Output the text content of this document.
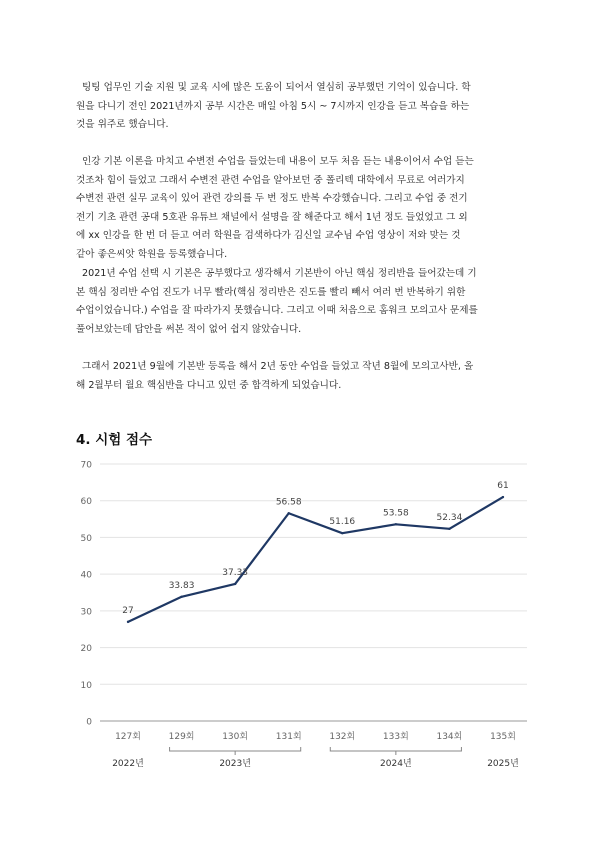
팅팅 업무인 기술 지원 및 교육 시에 많은 도움이 되어서 열심히 공부했던 기억이 있습니다. 학
원을 다니기 전인 2021년까지 공부 시간은 매일 아침 5시 ~ 7시까지 인강을 듣고 복습을 하는
것을 위주로 했습니다.
인강 기본 이론을 마치고 수변전 수업을 들었는데 내용이 모두 처음 듣는 내용이어서 수업 듣는
것조차 힘이 들었고 그래서 수변전 관련 수업을 알아보던 중 폴리텍 대학에서 무료로 여러가지
수변전 관련 실무 교육이 있어 관련 강의를 두 번 정도 반복 수강했습니다. 그리고 수업 중 전기
전기 기초 관련 공대 5호관 유튜브 채널에서 설명을 잘 해준다고 해서 1년 정도 들었었고 그 외
에 xx 인강을 한 번 더 듣고 여러 학원을 검색하다가 김신일 교수님 수업 영상이 저와 맞는 것
같아 좋은씨앗 학원을 등록했습니다.
2021년 수업 선택 시 기본은 공부했다고 생각해서 기본반이 아닌 핵심 정리반을 들어갔는데 기
본 핵심 정리반 수업 진도가 너무 빨라(핵심 정리반은 진도를 빨리 빼서 여러 번 반복하기 위한
수업이었습니다.) 수업을 잘 따라가지 못했습니다. 그리고 이때 처음으로 홈워크 모의고사 문제를
풀어보았는데 답안을 써본 적이 없어 쉽지 않았습니다.
그래서 2021년 9월에 기본반 등록을 해서 2년 동안 수업을 들었고 작년 8월에 모의고사반, 올
해 2월부터 월요 핵심반을 다니고 있던 중 합격하게 되었습니다.
4. 시험 점수
0
10
20
30
40
50
60
70
27
33.83
37.33
56.58
51.16
53.58	52.34
61
127회	129회	130회	131회	132회	133회	134회	135회
2022년	2023년	2024년	2025년
